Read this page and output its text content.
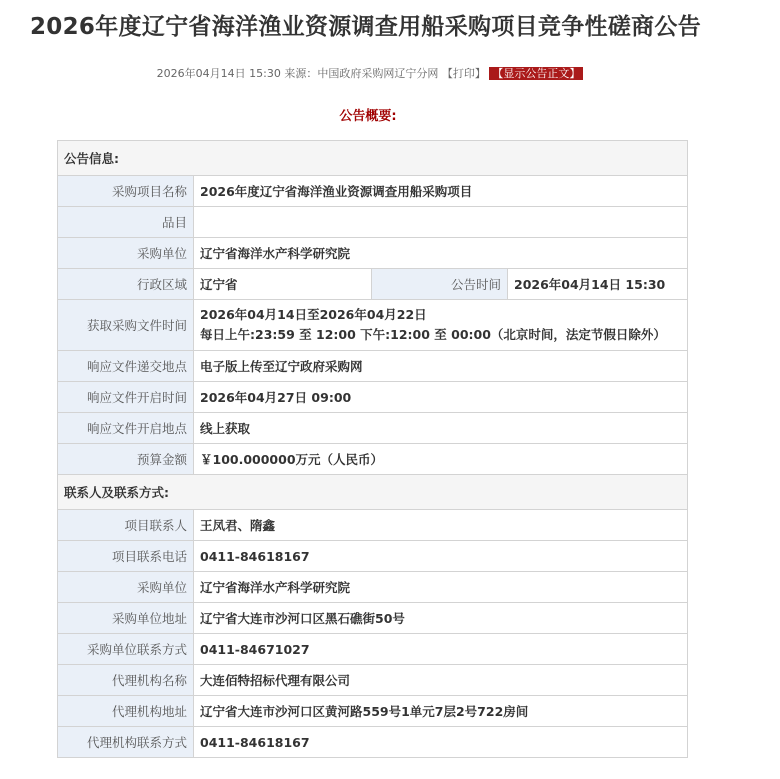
2026年度辽宁省海洋渔业资源调查用船采购项目竞争性磋商公告
2026年04月14日 15:30 来源：中国政府采购网辽宁分网 【打印】 【显示公告正文】
公告概要:
公告信息:			
采购项目名称	2026年度辽宁省海洋渔业资源调查用船采购项目		
品目			
采购单位	辽宁省海洋水产科学研究院		
行政区域	辽宁省	公告时间	2026年04月14日 15:30
获取采购文件时间	2026年04月14日至2026年04月22日
每日上午:23:59 至 12:00 下午:12:00 至 00:00（北京时间，法定节假日除外）		

响应文件递交地点	电子版上传至辽宁政府采购网		
响应文件开启时间	2026年04月27日 09:00		
响应文件开启地点	线上获取		
预算金额	￥100.000000万元（人民币）		
联系人及联系方式:			
项目联系人	王凤君、隋鑫		
项目联系电话	0411-84618167		
采购单位	辽宁省海洋水产科学研究院		
采购单位地址	辽宁省大连市沙河口区黑石礁街50号		
采购单位联系方式	0411-84671027		
代理机构名称	大连佰特招标代理有限公司		
代理机构地址	辽宁省大连市沙河口区黄河路559号1单元7层2号722房间		
代理机构联系方式	0411-84618167		
